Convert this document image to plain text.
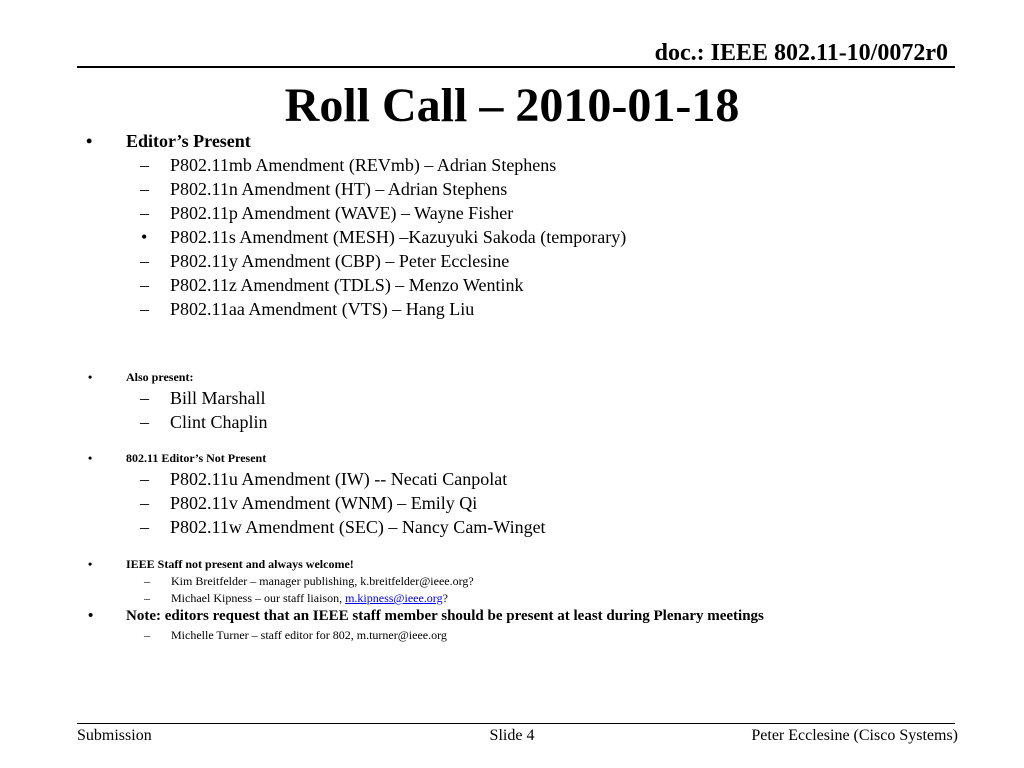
doc.: IEEE 802.11-10/0072r0
Roll Call – 2010-01-18
• Editor’s Present
– P802.11mb Amendment (REVmb) – Adrian Stephens
– P802.11n Amendment (HT) – Adrian Stephens
– P802.11p Amendment (WAVE) – Wayne Fisher
• P802.11s Amendment (MESH) –Kazuyuki Sakoda (temporary)
– P802.11y Amendment (CBP) – Peter Ecclesine
– P802.11z Amendment (TDLS) – Menzo Wentink
– P802.11aa Amendment (VTS) – Hang Liu
•	Also present:
– Bill Marshall
– Clint Chaplin
•	802.11 Editor’s Not Present
– P802.11u Amendment (IW) -- Necati Canpolat
– P802.11v Amendment (WNM) – Emily Qi
– P802.11w Amendment (SEC) – Nancy Cam-Winget
•	IEEE Staff not present and always welcome!
– Kim Breitfelder – manager publishing, k.breitfelder@ieee.org?
– Michael Kipness – our staff liaison, m.kipness@ieee.org?
• Note: editors request that an IEEE staff member should be present at least during Plenary meetings
– Michelle Turner – staff editor for 802, m.turner@ieee.org
Submission	Slide 4	Peter Ecclesine (Cisco Systems)
